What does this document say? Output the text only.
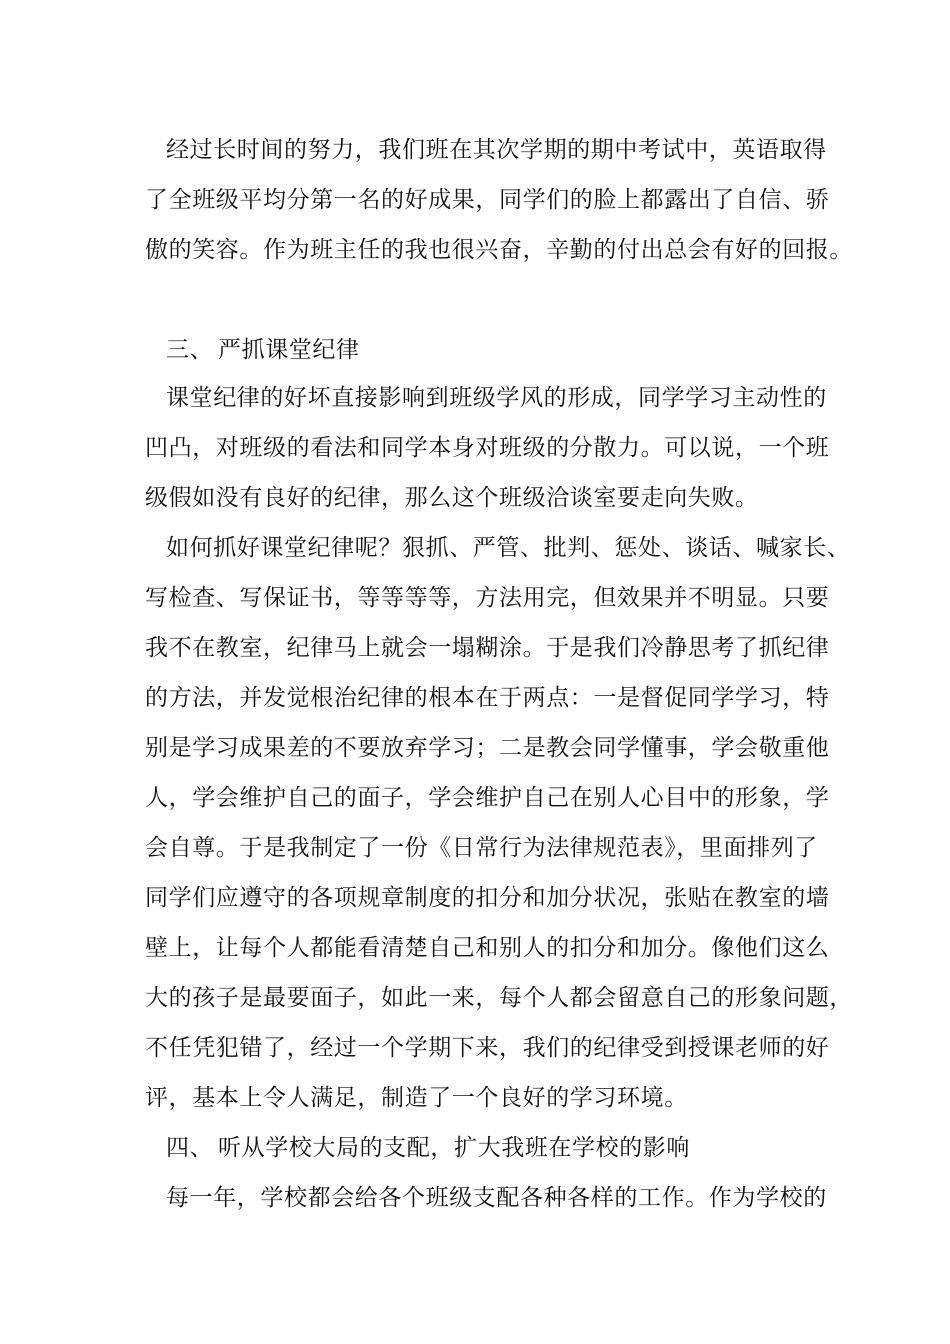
经过长时间的努力，我们班在其次学期的期中考试中，英语取得
了全班级平均分第一名的好成果，同学们的脸上都露出了自信、骄
傲的笑容。作为班主任的我也很兴奋，辛勤的付出总会有好的回报。
三、 严抓课堂纪律
课堂纪律的好坏直接影响到班级学风的形成，同学学习主动性的
凹凸，对班级的看法和同学本身对班级的分散力。可以说，一个班
级假如没有良好的纪律，那么这个班级洽谈室要走向失败。
如何抓好课堂纪律呢？狠抓、严管、批判、惩处、谈话、喊家长、
写检查、写保证书，等等等等，方法用完，但效果并不明显。只要
我不在教室，纪律马上就会一塌糊涂。于是我们冷静思考了抓纪律
的方法，并发觉根治纪律的根本在于两点：一是督促同学学习，特
别是学习成果差的不要放弃学习；二是教会同学懂事，学会敬重他
人，学会维护自己的面子，学会维护自己在别人心目中的形象，学
会自尊。于是我制定了一份《日常行为法律规范表》，里面排列了
同学们应遵守的各项规章制度的扣分和加分状况，张贴在教室的墙
壁上，让每个人都能看清楚自己和别人的扣分和加分。像他们这么
大的孩子是最要面子，如此一来，每个人都会留意自己的形象问题，
不任凭犯错了，经过一个学期下来，我们的纪律受到授课老师的好
评，基本上令人满足，制造了一个良好的学习环境。
四、 听从学校大局的支配，扩大我班在学校的影响
每一年，学校都会给各个班级支配各种各样的工作。作为学校的
